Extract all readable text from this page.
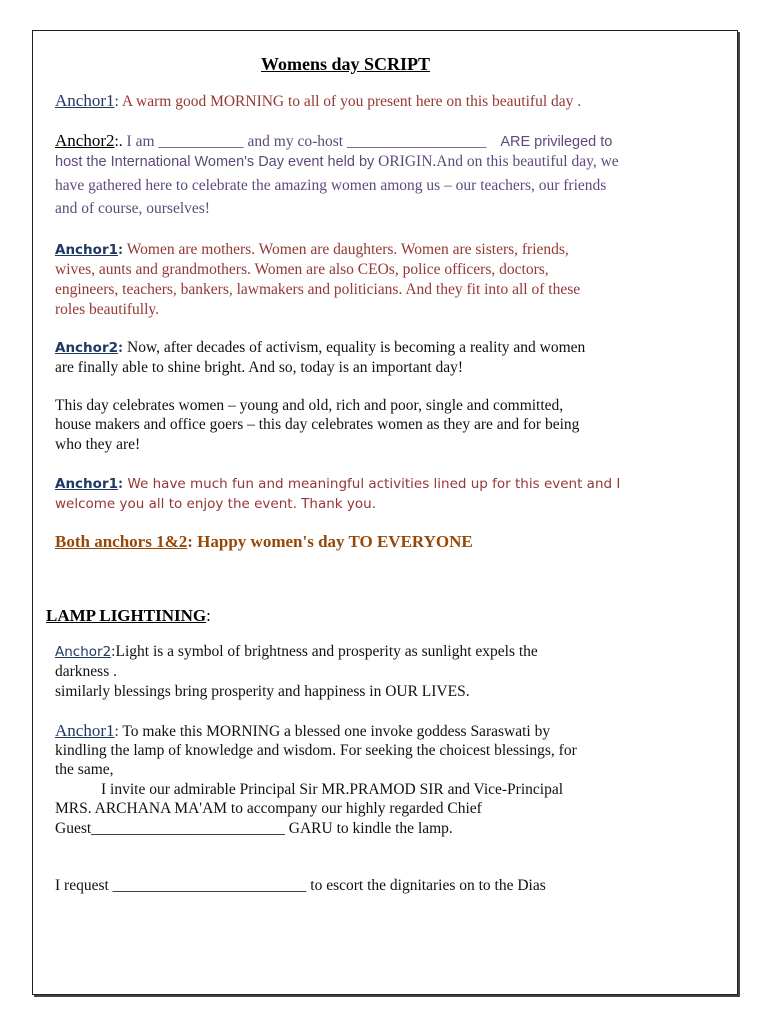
Womens day SCRIPT
Anchor1: A warm good MORNING to all of you present here on this beautiful day .
Anchor2:. I am ___________ and my co-host __________________ ARE privileged to
host the International Women's Day event held by ORIGIN.And on this beautiful day, we
have gathered here to celebrate the amazing women among us – our teachers, our friends
and of course, ourselves!
Anchor1: Women are mothers. Women are daughters. Women are sisters, friends,
wives, aunts and grandmothers. Women are also CEOs, police officers, doctors,
engineers, teachers, bankers, lawmakers and politicians. And they fit into all of these
roles beautifully.
Anchor2: Now, after decades of activism, equality is becoming a reality and women
are finally able to shine bright. And so, today is an important day!
This day celebrates women – young and old, rich and poor, single and committed,
house makers and office goers – this day celebrates women as they are and for being
who they are!
Anchor1: We have much fun and meaningful activities lined up for this event and I
welcome you all to enjoy the event. Thank you.
Both anchors 1&2: Happy women's day TO EVERYONE
LAMP LIGHTINING:
Anchor2:Light is a symbol of brightness and prosperity as sunlight expels the
darkness .
similarly blessings bring prosperity and happiness in OUR LIVES.
Anchor1: To make this MORNING a blessed one invoke goddess Saraswati by
kindling the lamp of knowledge and wisdom. For seeking the choicest blessings, for
the same,
I invite our admirable Principal Sir MR.PRAMOD SIR and Vice-Principal
MRS. ARCHANA MA'AM to accompany our highly regarded Chief
Guest_________________________ GARU to kindle the lamp.
I request _________________________ to escort the dignitaries on to the Dias
